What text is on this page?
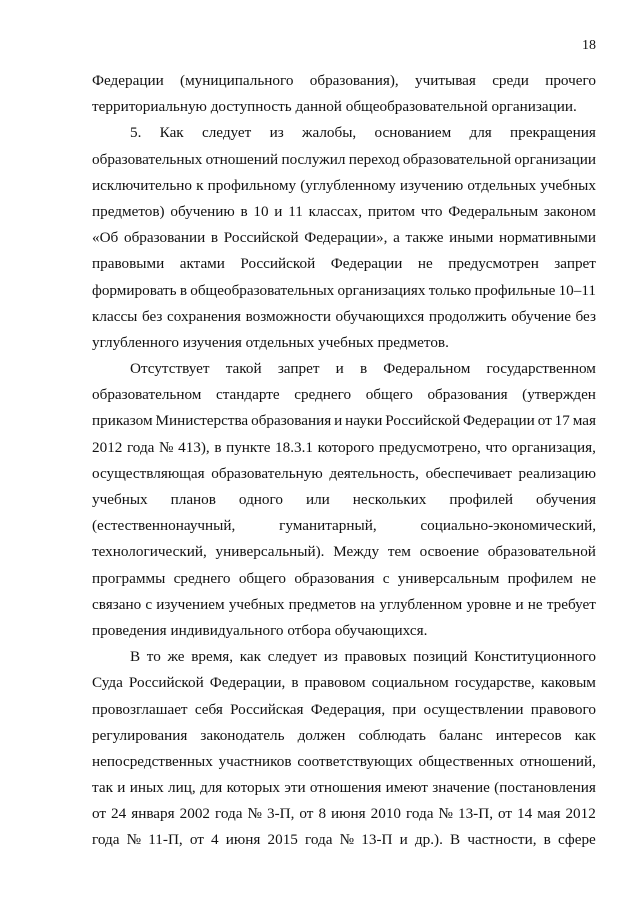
18
Федерации (муниципального образования), учитывая среди прочего
территориальную доступность данной общеобразовательной организации.
5. Как следует из жалобы, основанием для прекращения
образовательных отношений послужил переход образовательной организации
исключительно к профильному (углубленному изучению отдельных учебных
предметов) обучению в 10 и 11 классах, притом что Федеральным законом
«Об образовании в Российской Федерации», а также иными нормативными
правовыми актами Российской Федерации не предусмотрен запрет
формировать в общеобразовательных организациях только профильные 10–11
классы без сохранения возможности обучающихся продолжить обучение без
углубленного изучения отдельных учебных предметов.
Отсутствует такой запрет и в Федеральном государственном
образовательном стандарте среднего общего образования (утвержден
приказом Министерства образования и науки Российской Федерации от 17 мая
2012 года № 413), в пункте 18.3.1 которого предусмотрено, что организация,
осуществляющая образовательную деятельность, обеспечивает реализацию
учебных планов одного или нескольких профилей обучения
(естественнонаучный,	гуманитарный,	социально-экономический,
технологический, универсальный). Между тем освоение образовательной
программы среднего общего образования с универсальным профилем не
связано с изучением учебных предметов на углубленном уровне и не требует
проведения индивидуального отбора обучающихся.
В то же время, как следует из правовых позиций Конституционного
Суда Российской Федерации, в правовом социальном государстве, каковым
провозглашает себя Российская Федерация, при осуществлении правового
регулирования законодатель должен соблюдать баланс интересов как
непосредственных участников соответствующих общественных отношений,
так и иных лиц, для которых эти отношения имеют значение (постановления
от 24 января 2002 года № 3-П, от 8 июня 2010 года № 13-П, от 14 мая 2012
года № 11-П, от 4 июня 2015 года № 13-П и др.). В частности, в сфере
